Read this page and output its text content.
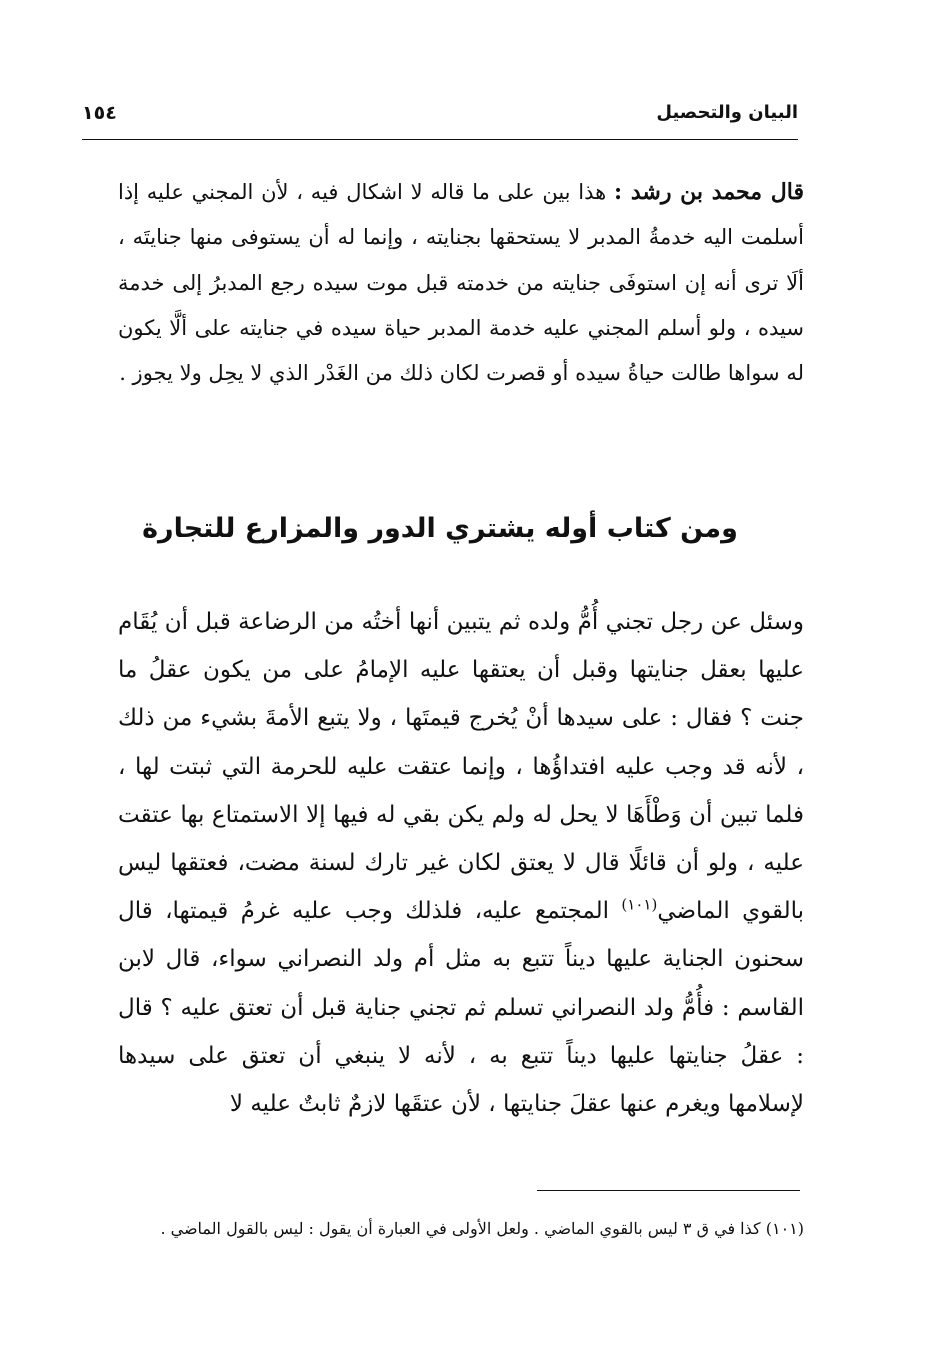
البيان والتحصيل
١٥٤

قال محمد بن رشد : هذا بين على ما قاله لا اشكال فيه ، لأن المجني عليه إذا أسلمت اليه خدمةُ المدبر لا يستحقها بجنايته ، وإنما له أن يستوفى منها جنايتَه ، ألَا ترى أنه إن استوفَى جنايته من خدمته قبل موت سيده رجع المدبرُ إلى خدمة سيده ، ولو أسلم المجني عليه خدمة المدبر حياة سيده في جنايته على ألَّا يكون له سواها طالت حياةُ سيده أو قصرت لكان ذلك من الغَدْر الذي لا يحِل ولا يجوز .

ومن كتاب أوله يشتري الدور والمزارع للتجارة

وسئل عن رجل تجني أُمُّ ولده ثم يتبين أنها أختُه من الرضاعة قبل أن يُقَام عليها بعقل جنايتها وقبل أن يعتقها عليه الإمامُ على من يكون عقلُ ما جنت ؟ فقال : على سيدها أنْ يُخرج قيمتَها ، ولا يتبع الأمةَ بشيء من ذلك ، لأنه قد وجب عليه افتداؤُها ، وإنما عتقت عليه للحرمة التي ثبتت لها ، فلما تبين أن وَطْأَهَا لا يحل له ولم يكن بقي له فيها إلا الاستمتاع بها عتقت عليه ، ولو أن قائلًا قال لا يعتق لكان غير تارك لسنة مضت، فعتقها ليس بالقوي الماضي$^{(١٠١)}$ المجتمع عليه، فلذلك وجب عليه غرمُ قيمتها، قال سحنون الجناية عليها ديناً تتبع به مثل أم ولد النصراني سواء، قال لابن القاسم : فأُمُّ ولد النصراني تسلم ثم تجني جناية قبل أن تعتق عليه ؟ قال : عقلُ جنايتها عليها ديناً تتبع به ، لأنه لا ينبغي أن تعتق على سيدها لإسلامها ويغرم عنها عقلَ جنايتها ، لأن عتقَها لازمٌ ثابتٌ عليه لا

(١٠١) كذا في ق ٣ ليس بالقوي الماضي . ولعل الأولى في العبارة أن يقول : ليس بالقول الماضي .
